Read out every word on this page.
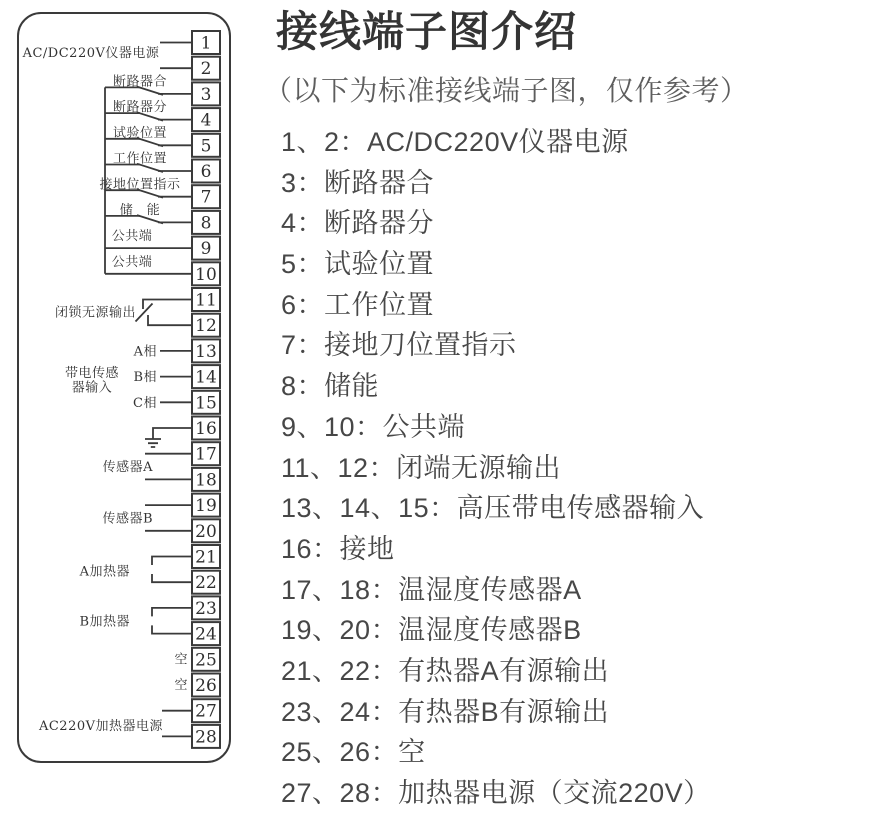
1
2
3
4
5
6
7
8
9
10
11
12
13
14
15
16
17
18
19
20
21
22
23
24
25
26
27
28
AC/DC220V仪器电源
断路器合
断路器分
试验位置
工作位置
接地位置指示
储　能
公共端
公共端
闭锁无源输出
A相
B相
C相
带电传感
器输入
传感器A
传感器B
A加热器
B加热器
空
空
AC220V加热器电源
接线端子图介绍
（以下为标准接线端子图，仅作参考）
1、2：AC/DC220V仪器电源
3：断路器合
4：断路器分
5：试验位置
6：工作位置
7：接地刀位置指示
8：储能
9、10：公共端
11、12：闭端无源输出
13、14、15：高压带电传感器输入
16：接地
17、18：温湿度传感器A
19、20：温湿度传感器B
21、22：有热器A有源输出
23、24：有热器B有源输出
25、26：空
27、28：加热器电源（交流220V）
